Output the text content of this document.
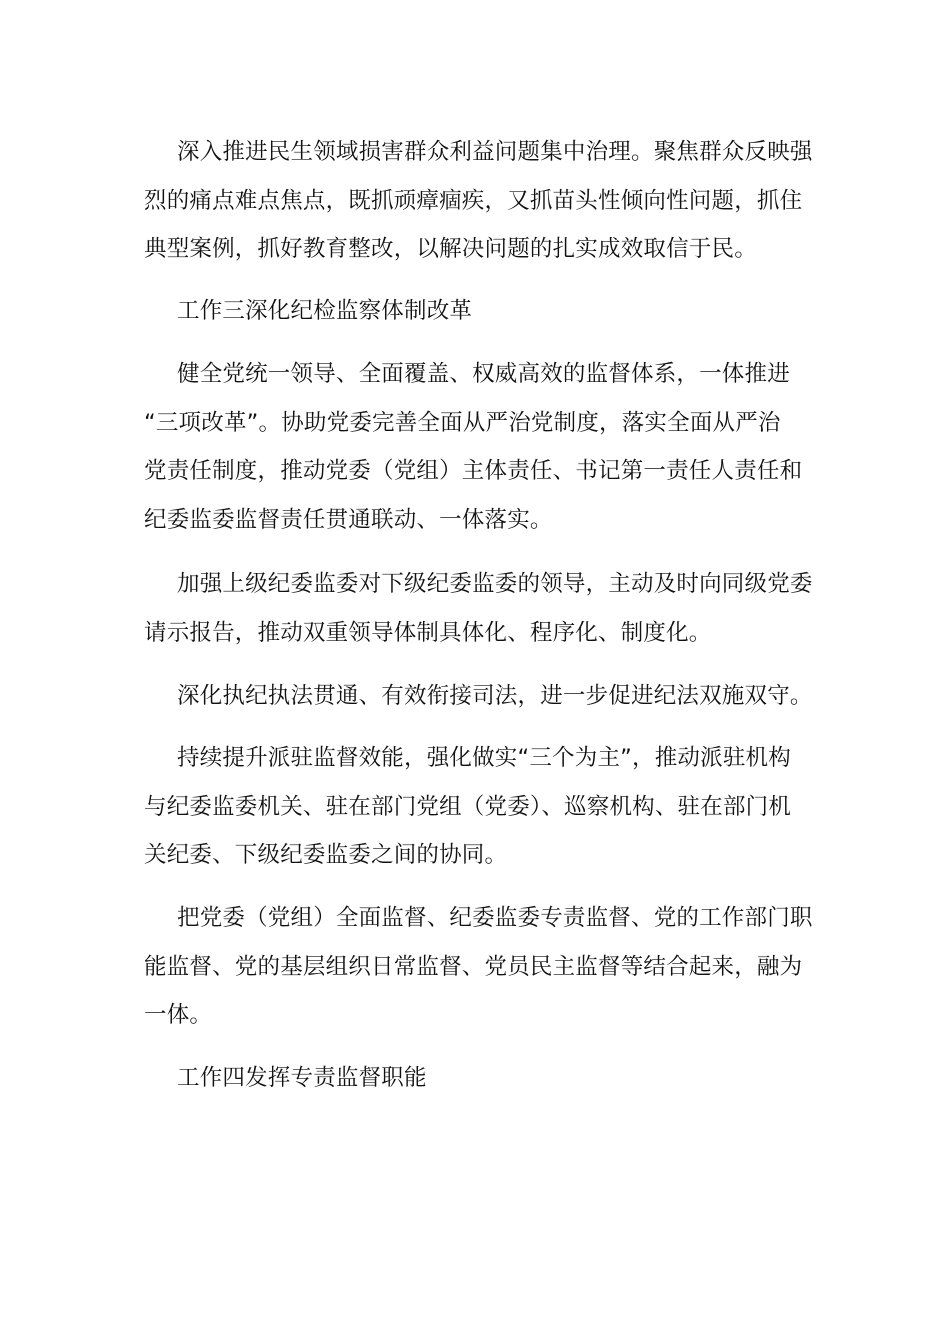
深入推进民生领域损害群众利益问题集中治理。聚焦群众反映强
烈的痛点难点焦点，既抓顽瘴痼疾，又抓苗头性倾向性问题，抓住
典型案例，抓好教育整改，以解决问题的扎实成效取信于民。
工作三深化纪检监察体制改革
健全党统一领导、全面覆盖、权威高效的监督体系，一体推进
“三项改革”。协助党委完善全面从严治党制度，落实全面从严治
党责任制度，推动党委（党组）主体责任、书记第一责任人责任和
纪委监委监督责任贯通联动、一体落实。
加强上级纪委监委对下级纪委监委的领导，主动及时向同级党委
请示报告，推动双重领导体制具体化、程序化、制度化。
深化执纪执法贯通、有效衔接司法，进一步促进纪法双施双守。
持续提升派驻监督效能，强化做实“三个为主”，推动派驻机构
与纪委监委机关、驻在部门党组（党委）、巡察机构、驻在部门机
关纪委、下级纪委监委之间的协同。
把党委（党组）全面监督、纪委监委专责监督、党的工作部门职
能监督、党的基层组织日常监督、党员民主监督等结合起来，融为
一体。
工作四发挥专责监督职能
